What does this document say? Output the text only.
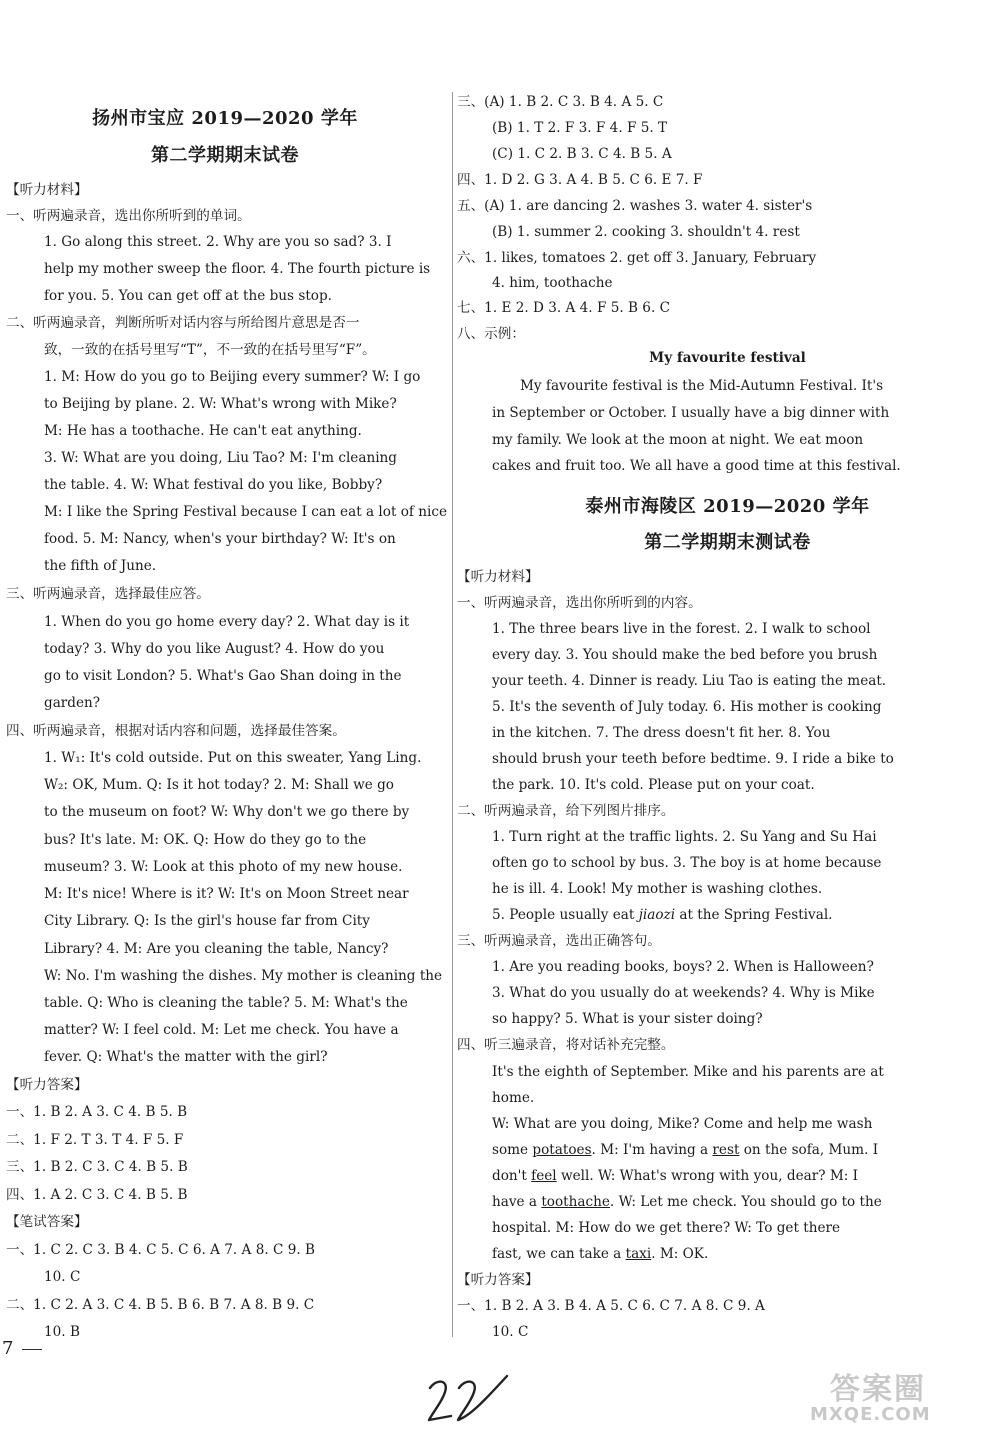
扬州市宝应 2019—2020 学年
第二学期期末试卷
【听力材料】
一、听两遍录音，选出你所听到的单词。
1. Go along this street. 2. Why are you so sad? 3. I
help my mother sweep the floor. 4. The fourth picture is
for you. 5. You can get off at the bus stop.
二、听两遍录音，判断所听对话内容与所给图片意思是否一
致，一致的在括号里写“T”，不一致的在括号里写“F”。
1. M: How do you go to Beijing every summer? W: I go
to Beijing by plane. 2. W: What's wrong with Mike?
M: He has a toothache. He can't eat anything.
3. W: What are you doing, Liu Tao? M: I'm cleaning
the table. 4. W: What festival do you like, Bobby?
M: I like the Spring Festival because I can eat a lot of nice
food. 5. M: Nancy, when's your birthday? W: It's on
the fifth of June.
三、听两遍录音，选择最佳应答。
1. When do you go home every day? 2. What day is it
today? 3. Why do you like August? 4. How do you
go to visit London? 5. What's Gao Shan doing in the
garden?
四、听两遍录音，根据对话内容和问题，选择最佳答案。
1. W₁: It's cold outside. Put on this sweater, Yang Ling.
W₂: OK, Mum. Q: Is it hot today? 2. M: Shall we go
to the museum on foot? W: Why don't we go there by
bus? It's late. M: OK. Q: How do they go to the
museum? 3. W: Look at this photo of my new house.
M: It's nice! Where is it? W: It's on Moon Street near
City Library. Q: Is the girl's house far from City
Library? 4. M: Are you cleaning the table, Nancy?
W: No. I'm washing the dishes. My mother is cleaning the
table. Q: Who is cleaning the table? 5. M: What's the
matter? W: I feel cold. M: Let me check. You have a
fever. Q: What's the matter with the girl?
【听力答案】
一、1. B 2. A 3. C 4. B 5. B
二、1. F 2. T 3. T 4. F 5. F
三、1. B 2. C 3. C 4. B 5. B
四、1. A 2. C 3. C 4. B 5. B
【笔试答案】
一、1. C 2. C 3. B 4. C 5. C 6. A 7. A 8. C 9. B
10. C
二、1. C 2. A 3. C 4. B 5. B 6. B 7. A 8. B 9. C
10. B
三、(A) 1. B 2. C 3. B 4. A 5. C
(B) 1. T 2. F 3. F 4. F 5. T
(C) 1. C 2. B 3. C 4. B 5. A
四、1. D 2. G 3. A 4. B 5. C 6. E 7. F
五、(A) 1. are dancing 2. washes 3. water 4. sister's
(B) 1. summer 2. cooking 3. shouldn't 4. rest
六、1. likes, tomatoes 2. get off 3. January, February
4. him, toothache
七、1. E 2. D 3. A 4. F 5. B 6. C
八、示例：
My favourite festival
My favourite festival is the Mid-Autumn Festival. It's
in September or October. I usually have a big dinner with
my family. We look at the moon at night. We eat moon
cakes and fruit too. We all have a good time at this festival.
泰州市海陵区 2019—2020 学年
第二学期期末测试卷
【听力材料】
一、听两遍录音，选出你所听到的内容。
1. The three bears live in the forest. 2. I walk to school
every day. 3. You should make the bed before you brush
your teeth. 4. Dinner is ready. Liu Tao is eating the meat.
5. It's the seventh of July today. 6. His mother is cooking
in the kitchen. 7. The dress doesn't fit her. 8. You
should brush your teeth before bedtime. 9. I ride a bike to
the park. 10. It's cold. Please put on your coat.
二、听两遍录音，给下列图片排序。
1. Turn right at the traffic lights. 2. Su Yang and Su Hai
often go to school by bus. 3. The boy is at home because
he is ill. 4. Look! My mother is washing clothes.
5. People usually eat jiaozi at the Spring Festival.
三、听两遍录音，选出正确答句。
1. Are you reading books, boys? 2. When is Halloween?
3. What do you usually do at weekends? 4. Why is Mike
so happy? 5. What is your sister doing?
四、听三遍录音，将对话补充完整。
It's the eighth of September. Mike and his parents are at
home.
W: What are you doing, Mike? Come and help me wash
some potatoes. M: I'm having a rest on the sofa, Mum. I
don't feel well. W: What's wrong with you, dear? M: I
have a toothache. W: Let me check. You should go to the
hospital. M: How do we get there? W: To get there
fast, we can take a taxi. M: OK.
【听力答案】
一、1. B 2. A 3. B 4. A 5. C 6. C 7. A 8. C 9. A
10. C
7
答案圈
MXQE.COM
